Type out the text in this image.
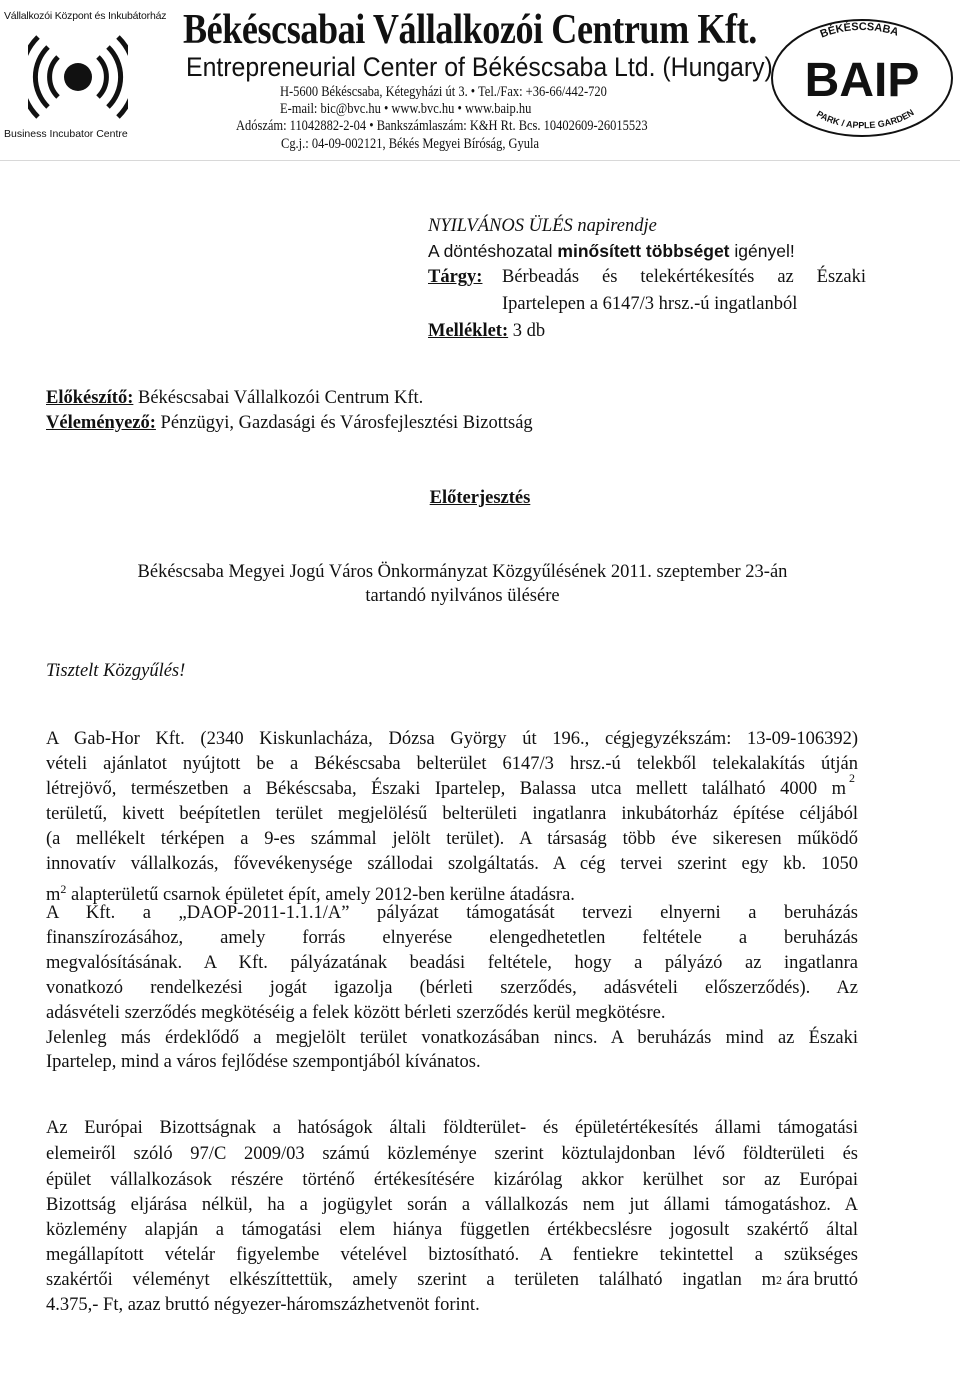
Vállalkozói Központ és Inkubátorház
Business Incubator Centre
Békéscsabai Vállalkozói Centrum Kft.
Entrepreneurial Center of Békéscsaba Ltd. (Hungary)
H-5600 Békéscsaba, Kétegyházi út 3. • Tel./Fax: +36-66/442-720
E-mail: bic@bvc.hu • www.bvc.hu • www.baip.hu
Adószám: 11042882-2-04 • Bankszámlaszám: K&H Rt. Bcs. 10402609-26015523
Cg.j.: 04-09-002121, Békés Megyei Bíróság, Gyula
BÉKÉSCSABA
PARK / APPLE GARDEN
BAIP
NYILVÁNOS ÜLÉS napirendje
A döntéshozatal minősített többséget igényel!
Tárgy: Bérbeadás és telekértékesítés az Északi
Ipartelepen a 6147/3 hrsz.-ú ingatlanból
Melléklet: 3 db
Előkészítő: Békéscsabai Vállalkozói Centrum Kft.
Véleményező: Pénzügyi, Gazdasági és Városfejlesztési Bizottság
Előterjesztés
Békéscsaba Megyei Jogú Város Önkormányzat Közgyűlésének 2011. szeptember 23-án
tartandó nyilvános ülésére
Tisztelt Közgyűlés!
A Gab-Hor Kft. (2340 Kiskunlacháza, Dózsa György út 196., cégjegyzékszám: 13-09-106392)
vételi ajánlatot nyújtott be a Békéscsaba belterület 6147/3 hrsz.-ú telekből telekalakítás útján
létrejövő, természetben a Békéscsaba, Északi Ipartelep, Balassa utca mellett található 4000 m
2
területű, kivett beépítetlen terület megjelölésű belterületi ingatlanra inkubátorház építése céljából
(a mellékelt térképen a 9-es számmal jelölt terület). A társaság több éve sikeresen működő
innovatív vállalkozás, fővevékenysége szállodai szolgáltatás. A cég tervei szerint egy kb. 1050
$m^2$ alapterületű csarnok épületet épít, amely 2012-ben kerülne átadásra.
A Kft. a „DAOP-2011-1.1.1/A” pályázat támogatását tervezi elnyerni a beruházás
finanszírozásához, amely forrás elnyerése elengedhetetlen feltétele a beruházás
megvalósításának. A Kft. pályázatának beadási feltétele, hogy a pályázó az ingatlanra
vonatkozó rendelkezési jogát igazolja (bérleti szerződés, adásvételi előszerződés). Az
adásvételi szerződés megkötéséig a felek között bérleti szerződés kerül megkötésre.
Jelenleg más érdeklődő a megjelölt terület vonatkozásában nincs. A beruházás mind az Északi
Ipartelep, mind a város fejlődése szempontjából kívánatos.
Az Európai Bizottságnak a hatóságok általi földterület- és épületértékesítés állami támogatási
elemeiről szóló 97/C 2009/03 számú közleménye szerint köztulajdonban lévő földterületi és
épület vállalkozások részére történő értékesítésére kizárólag akkor kerülhet sor az Európai
Bizottság eljárása nélkül, ha a jogügylet során a vállalkozás nem jut állami támogatáshoz. A
közlemény alapján a támogatási elem hiánya független értékbecslésre jogosult szakértő által
megállapított vételár figyelembe vételével biztosítható. A fentiekre tekintettel a szükséges
szakértői véleményt elkészíttettük, amely szerint a területen található ingatlan m 2 ára bruttó
4.375,- Ft, azaz bruttó négyezer-háromszázhetvenöt forint.
